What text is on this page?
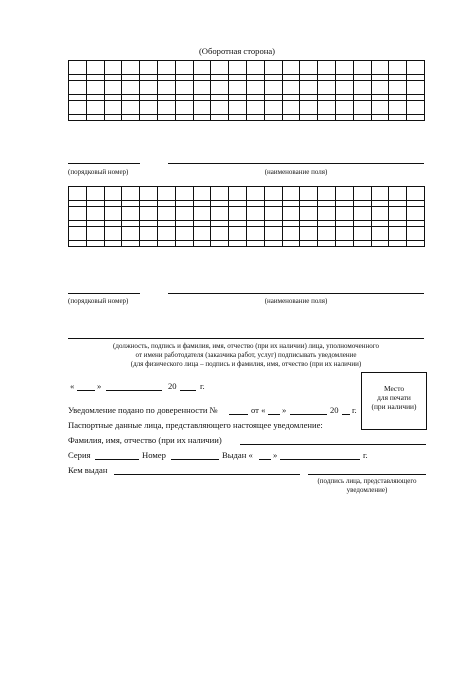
(Оборотная сторона)
(порядковый номер)	(наименование поля)
(порядковый номер)	(наименование поля)
(должность, подпись и фамилия, имя, отчество (при их наличии) лица, уполномоченного
от имени работодателя (заказчика работ, услуг) подписывать уведомление
(для физического лица – подпись и фамилия, имя, отчество (при их наличии)
«	»	20	г.	Место
для печати
(при наличии)
Уведомление подано по доверенности №	от « »	20 г.
Паспортные данные лица, представляющего настоящее уведомление:
Фамилия, имя, отчество (при их наличии)
Серия	Номер	Выдан « »	г.
Кем выдан
(подпись лица, представляющего
уведомление)
